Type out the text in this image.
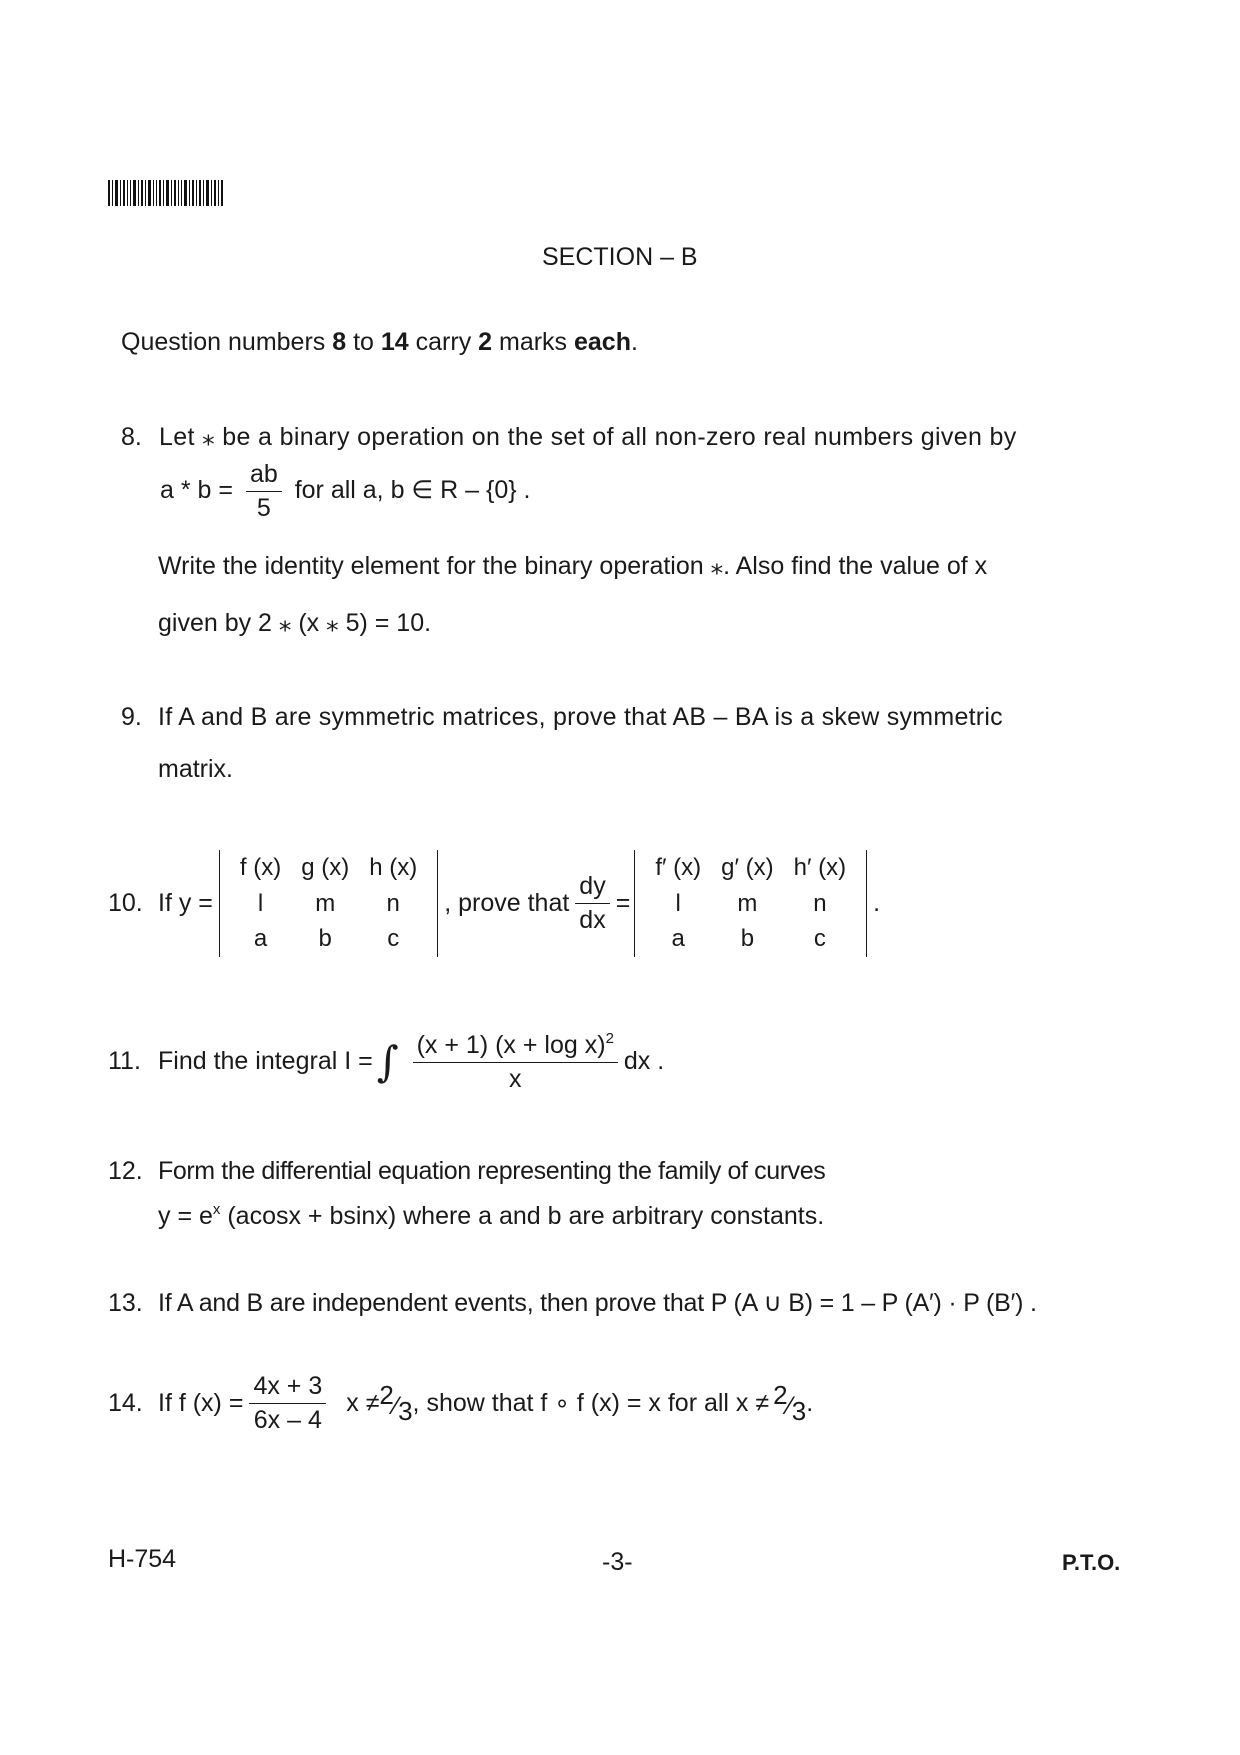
SECTION – B
Question numbers 8 to 14 carry 2 marks each.
8. Let ⁎ be a binary operation on the set of all non-zero real numbers given by
$a * b = \frac{ab}{5}$ for all a, b ∈ R – {0} .
Write the identity element for the binary operation ⁎. Also find the value of x
given by 2 ⁎ (x ⁎ 5) = 10.
9. If A and B are symmetric matrices, prove that AB – BA is a skew symmetric
matrix.
10. If y =
f (x)	g (x)	h (x)
l	m	n
a	b	c
, prove that $\frac{dy}{dx}$ =
f′ (x)	g′ (x)	h′ (x)
l	m	n
a	b	c
.
11. Find the integral I = ∫ $\frac{(x + 1) (x + \log x)^2}{x}$ dx .
12. Form the differential equation representing the family of curves
$y = e^x$ (acosx + bsinx) where a and b are arbitrary constants.
13. If A and B are independent events, then prove that P (A ∪ B) = 1 – P (A′) · P (B′) .
14. If f $(x) = \frac{4x + 3}{6x - 4}$ x ≠ 2⁄3 , show that f ∘ f (x) = x for all x ≠ 2⁄3 .
H-754	-3-	P.T.O.
